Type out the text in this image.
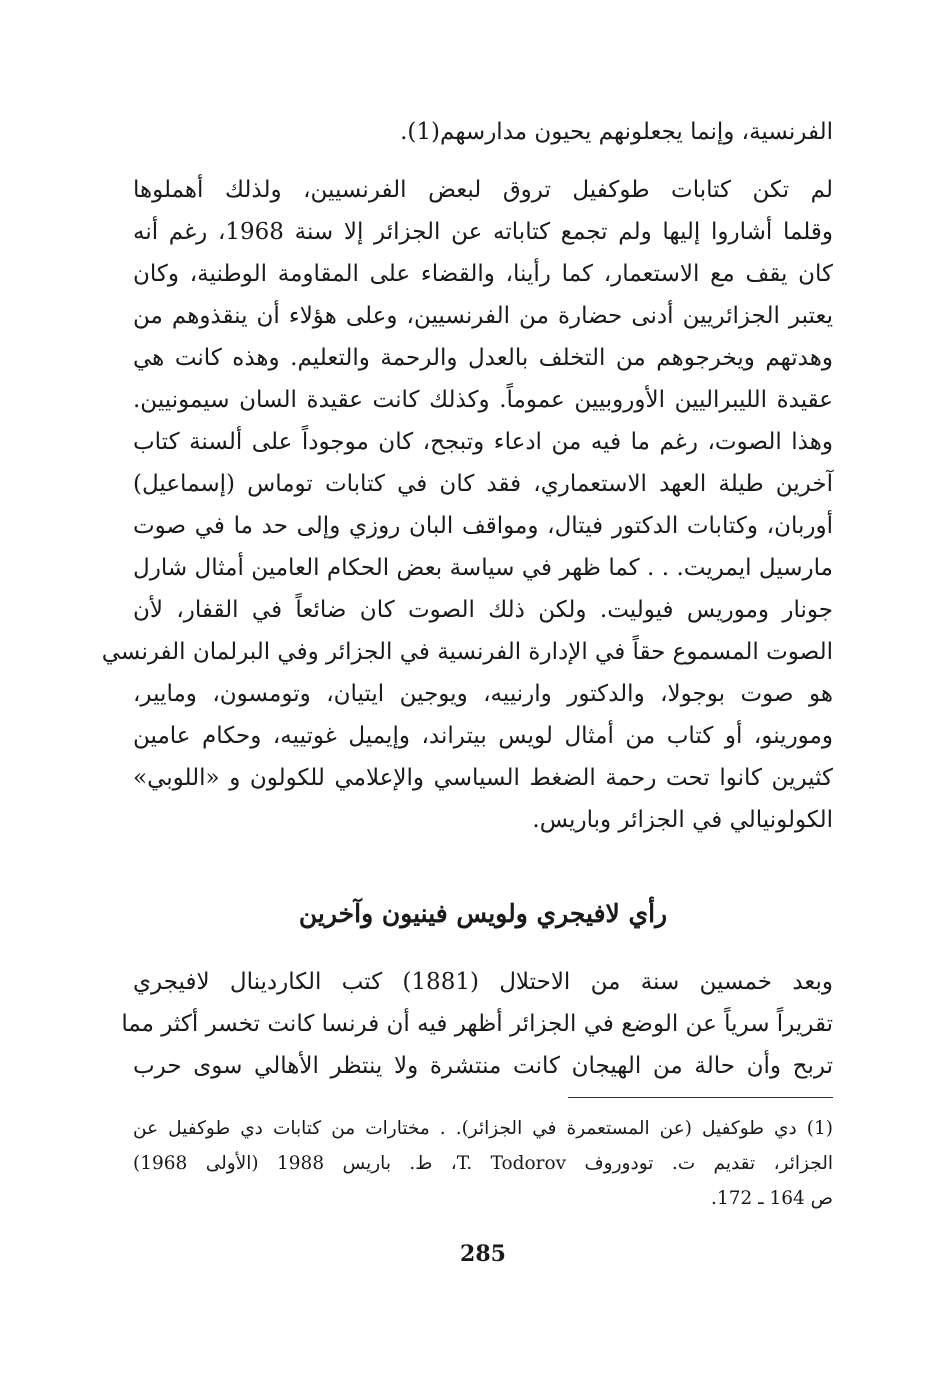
الفرنسية، وإنما يجعلونهم يحيون مدارسهم(1).
لم تكن كتابات طوكفيل تروق لبعض الفرنسيين، ولذلك أهملوها
وقلما أشاروا إليها ولم تجمع كتاباته عن الجزائر إلا سنة 1968، رغم أنه
كان يقف مع الاستعمار، كما رأينا، والقضاء على المقاومة الوطنية، وكان
يعتبر الجزائريين أدنى حضارة من الفرنسيين، وعلى هؤلاء أن ينقذوهم من
وهدتهم ويخرجوهم من التخلف بالعدل والرحمة والتعليم. وهذه كانت هي
عقيدة الليبراليين الأوروبيين عموماً. وكذلك كانت عقيدة السان سيمونيين.
وهذا الصوت، رغم ما فيه من ادعاء وتبجح، كان موجوداً على ألسنة كتاب
آخرين طيلة العهد الاستعماري، فقد كان في كتابات توماس (إسماعيل)
أوربان، وكتابات الدكتور فيتال، ومواقف البان روزي وإلى حد ما في صوت
مارسيل ايمريت. . . كما ظهر في سياسة بعض الحكام العامين أمثال شارل
جونار وموريس فيوليت. ولكن ذلك الصوت كان ضائعاً في القفار، لأن
الصوت المسموع حقاً في الإدارة الفرنسية في الجزائر وفي البرلمان الفرنسي
هو صوت بوجولا، والدكتور وارنييه، ويوجين ايتيان، وتومسون، ومايير،
ومورينو، أو كتاب من أمثال لويس بيتراند، وإيميل غوتييه، وحكام عامين
كثيرين كانوا تحت رحمة الضغط السياسي والإعلامي للكولون و «اللوبي»
الكولونيالي في الجزائر وباريس.
رأي لافيجري ولويس فينيون وآخرين
وبعد خمسين سنة من الاحتلال (1881) كتب الكاردينال لافيجري
تقريراً سرياً عن الوضع في الجزائر أظهر فيه أن فرنسا كانت تخسر أكثر مما
تربح وأن حالة من الهيجان كانت منتشرة ولا ينتظر الأهالي سوى حرب
(1) دي طوكفيل (عن المستعمرة في الجزائر). . مختارات من كتابات دي طوكفيل عن
الجزائر، تقديم ت. تودوروف T. Todorov، ط. باريس 1988 (الأولى 1968)
ص 164 ـ 172.
285
